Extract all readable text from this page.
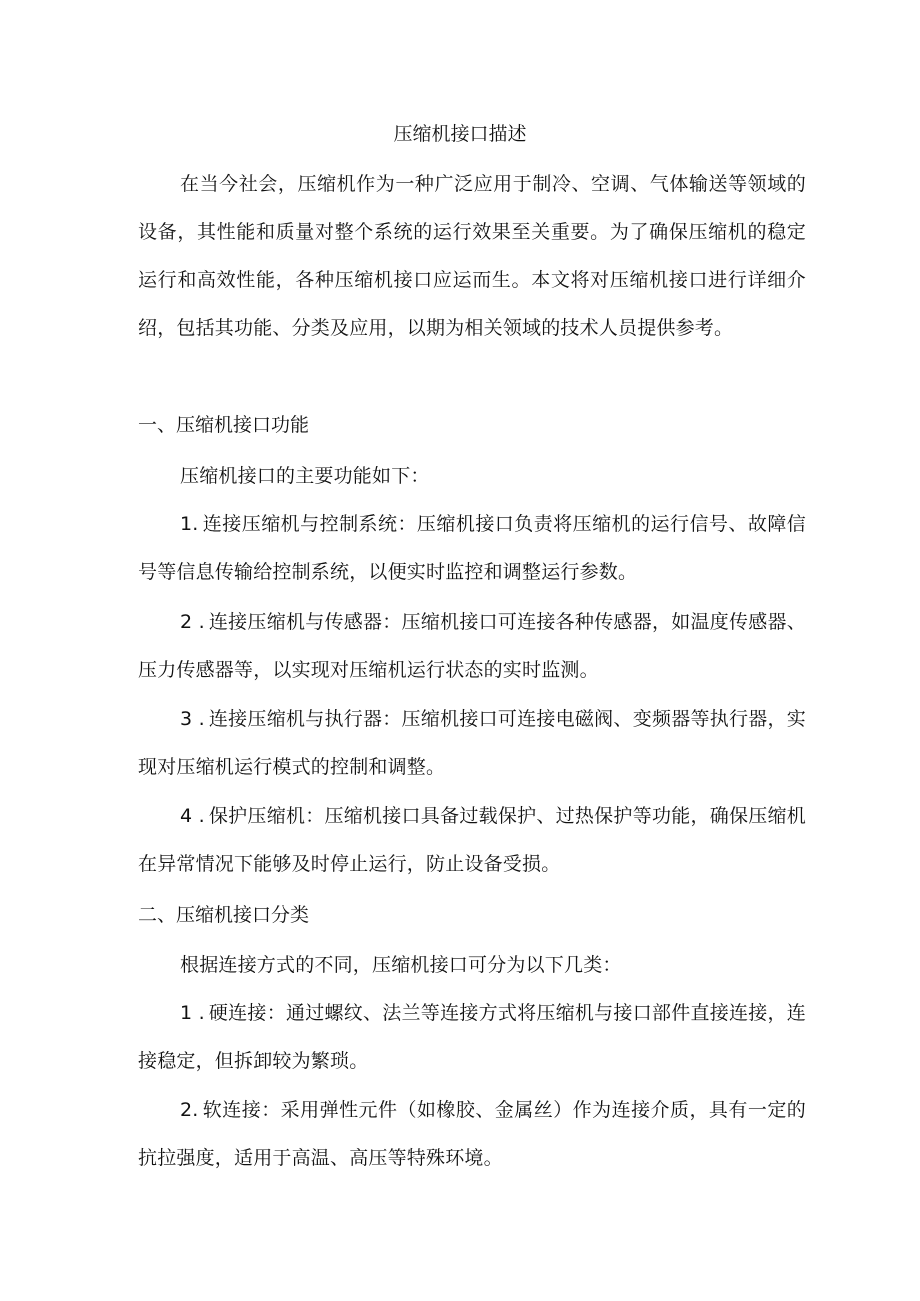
压缩机接口描述

在当今社会，压缩机作为一种广泛应用于制冷、空调、气体输送等领域的设备，其性能和质量对整个系统的运行效果至关重要。为了确保压缩机的稳定运行和高效性能，各种压缩机接口应运而生。本文将对压缩机接口进行详细介绍，包括其功能、分类及应用，以期为相关领域的技术人员提供参考。

一、压缩机接口功能

压缩机接口的主要功能如下：

1. 连接压缩机与控制系统：压缩机接口负责将压缩机的运行信号、故障信号等信息传输给控制系统，以便实时监控和调整运行参数。

2 . 连接压缩机与传感器：压缩机接口可连接各种传感器，如温度传感器、压力传感器等，以实现对压缩机运行状态的实时监测。

3 . 连接压缩机与执行器：压缩机接口可连接电磁阀、变频器等执行器，实现对压缩机运行模式的控制和调整。

4 . 保护压缩机：压缩机接口具备过载保护、过热保护等功能，确保压缩机在异常情况下能够及时停止运行，防止设备受损。

二、压缩机接口分类

根据连接方式的不同，压缩机接口可分为以下几类：

1 . 硬连接：通过螺纹、法兰等连接方式将压缩机与接口部件直接连接，连接稳定，但拆卸较为繁琐。

2. 软连接：采用弹性元件（如橡胶、金属丝）作为连接介质，具有一定的抗拉强度，适用于高温、高压等特殊环境。
